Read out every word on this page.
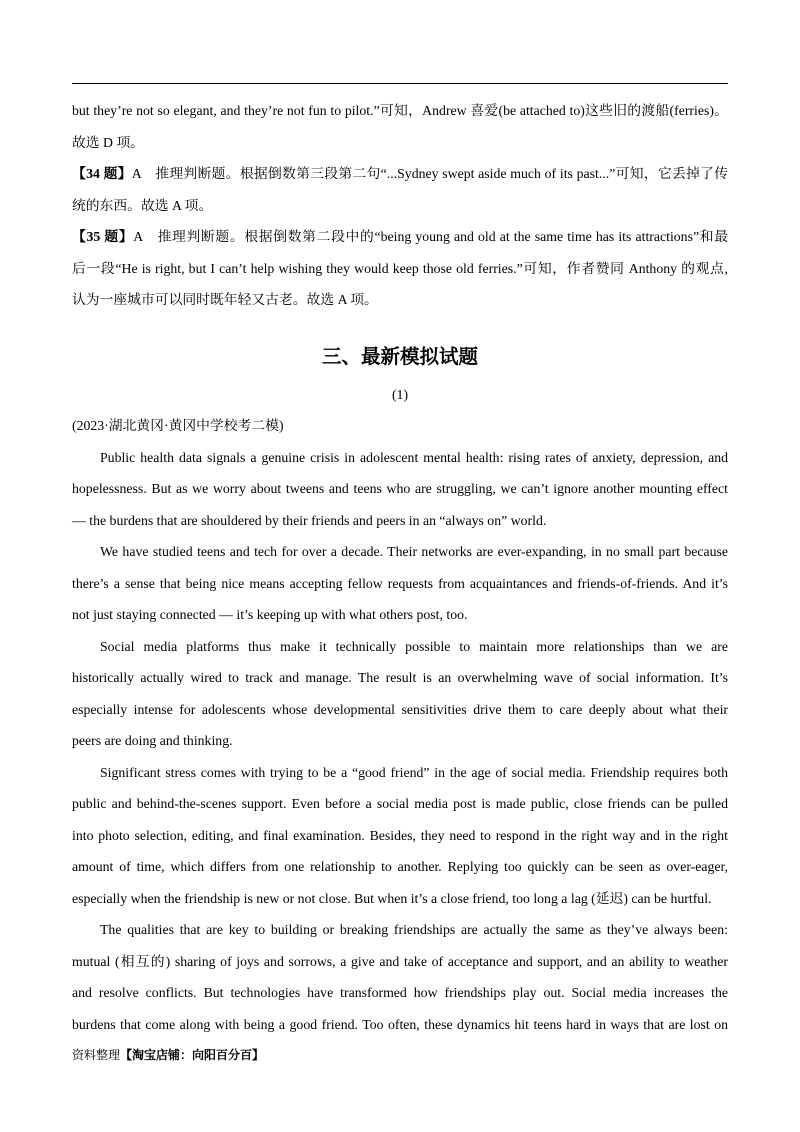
but they’re not so elegant, and they’re not fun to pilot.”可知，Andrew 喜爱(be attached to)这些旧的渡船(ferries)。
故选 D 项。
【34 题】A　推理判断题。根据倒数第三段第二句“...Sydney swept aside much of its past...”可知，它丢掉了传
统的东西。故选 A 项。
【35 题】A　推理判断题。根据倒数第二段中的“being young and old at the same time has its attractions”和最
后一段“He is right, but I can’t help wishing they would keep those old ferries.”可知，作者赞同 Anthony 的观点,
认为一座城市可以同时既年轻又古老。故选 A 项。
三、最新模拟试题
(1)
(2023·湖北黄冈·黄冈中学校考二模)
Public health data signals a genuine crisis in adolescent mental health: rising rates of anxiety, depression, and
hopelessness. But as we worry about tweens and teens who are struggling, we can’t ignore another mounting effect
— the burdens that are shouldered by their friends and peers in an “always on” world.
We have studied teens and tech for over a decade. Their networks are ever-expanding, in no small part because
there’s a sense that being nice means accepting fellow requests from acquaintances and friends-of-friends. And it’s
not just staying connected — it’s keeping up with what others post, too.
Social media platforms thus make it technically possible to maintain more relationships than we are
historically actually wired to track and manage. The result is an overwhelming wave of social information. It’s
especially intense for adolescents whose developmental sensitivities drive them to care deeply about what their
peers are doing and thinking.
Significant stress comes with trying to be a “good friend” in the age of social media. Friendship requires both
public and behind-the-scenes support. Even before a social media post is made public, close friends can be pulled
into photo selection, editing, and final examination. Besides, they need to respond in the right way and in the right
amount of time, which differs from one relationship to another. Replying too quickly can be seen as over-eager,
especially when the friendship is new or not close. But when it’s a close friend, too long a lag (延迟) can be hurtful.
The qualities that are key to building or breaking friendships are actually the same as they’ve always been:
mutual (相互的) sharing of joys and sorrows, a give and take of acceptance and support, and an ability to weather
and resolve conflicts. But technologies have transformed how friendships play out. Social media increases the
burdens that come along with being a good friend. Too often, these dynamics hit teens hard in ways that are lost on
资料整理【淘宝店铺：向阳百分百】
